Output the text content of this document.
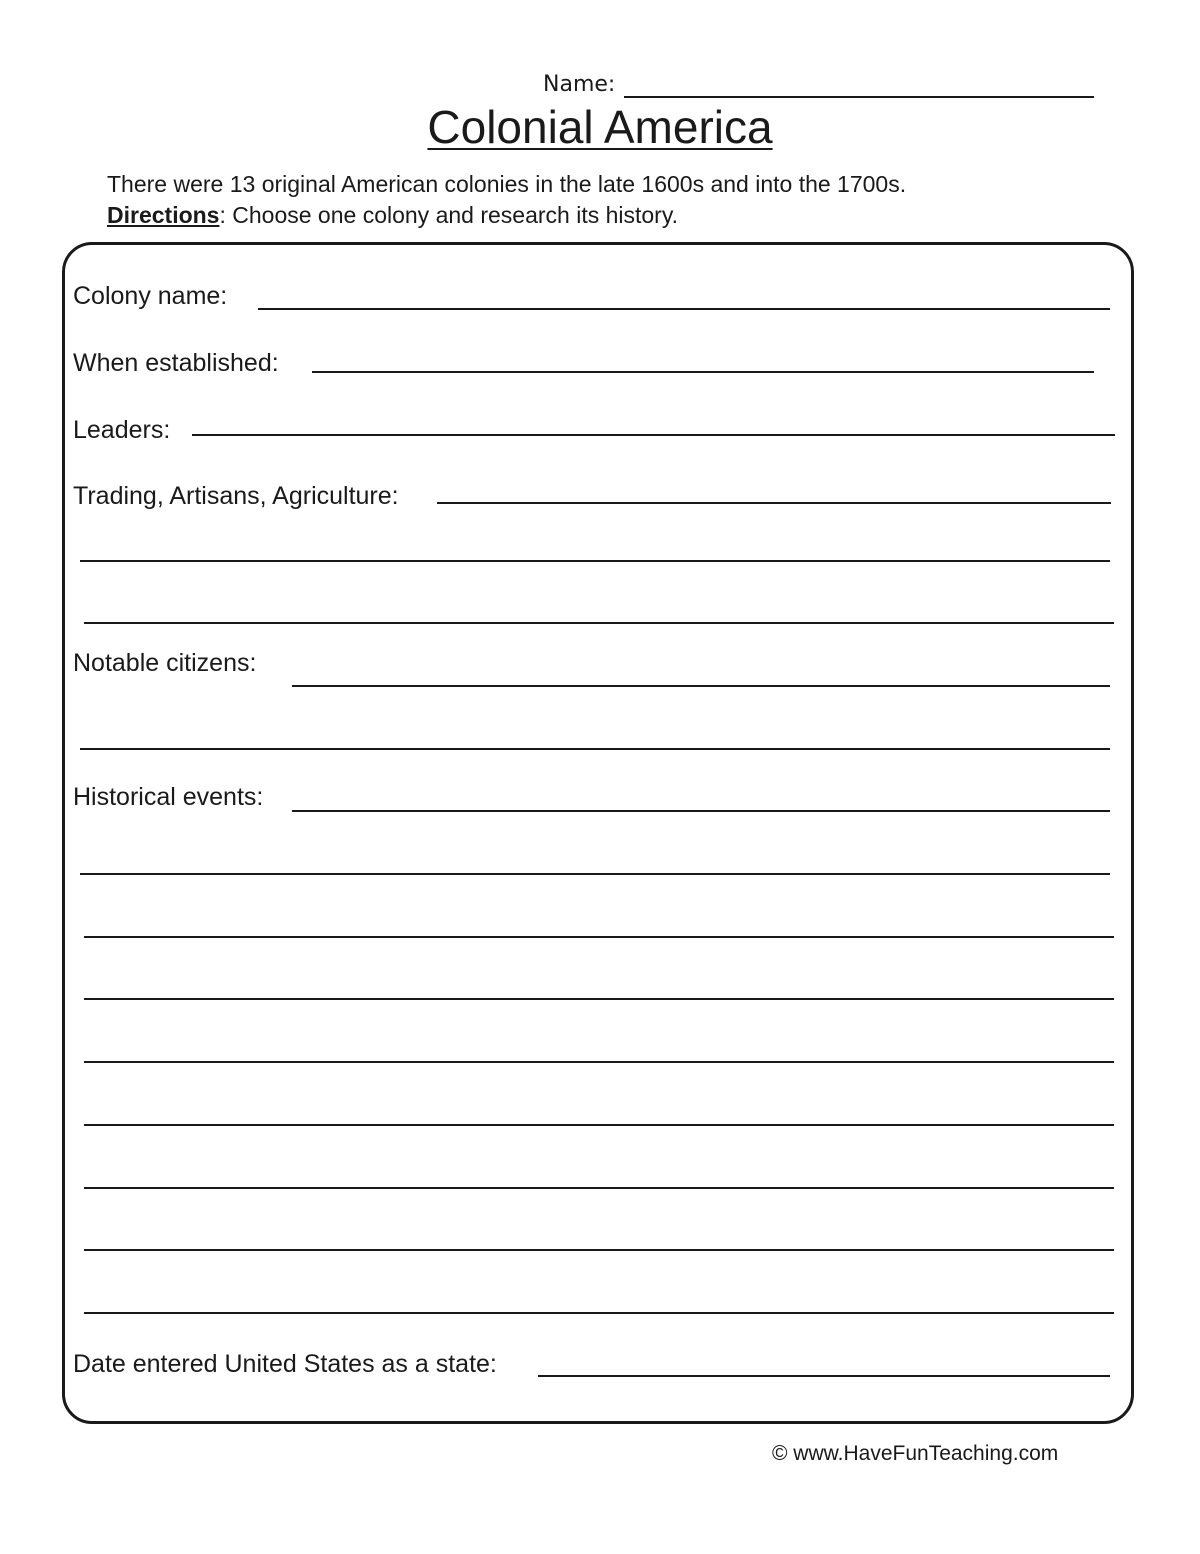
Name:
Colonial America
There were 13 original American colonies in the late 1600s and into the 1700s.
Directions: Choose one colony and research its history.
Colony name:
When established:
Leaders:
Trading, Artisans, Agriculture:
Notable citizens:
Historical events:
Date entered United States as a state:
© www.HaveFunTeaching.com
